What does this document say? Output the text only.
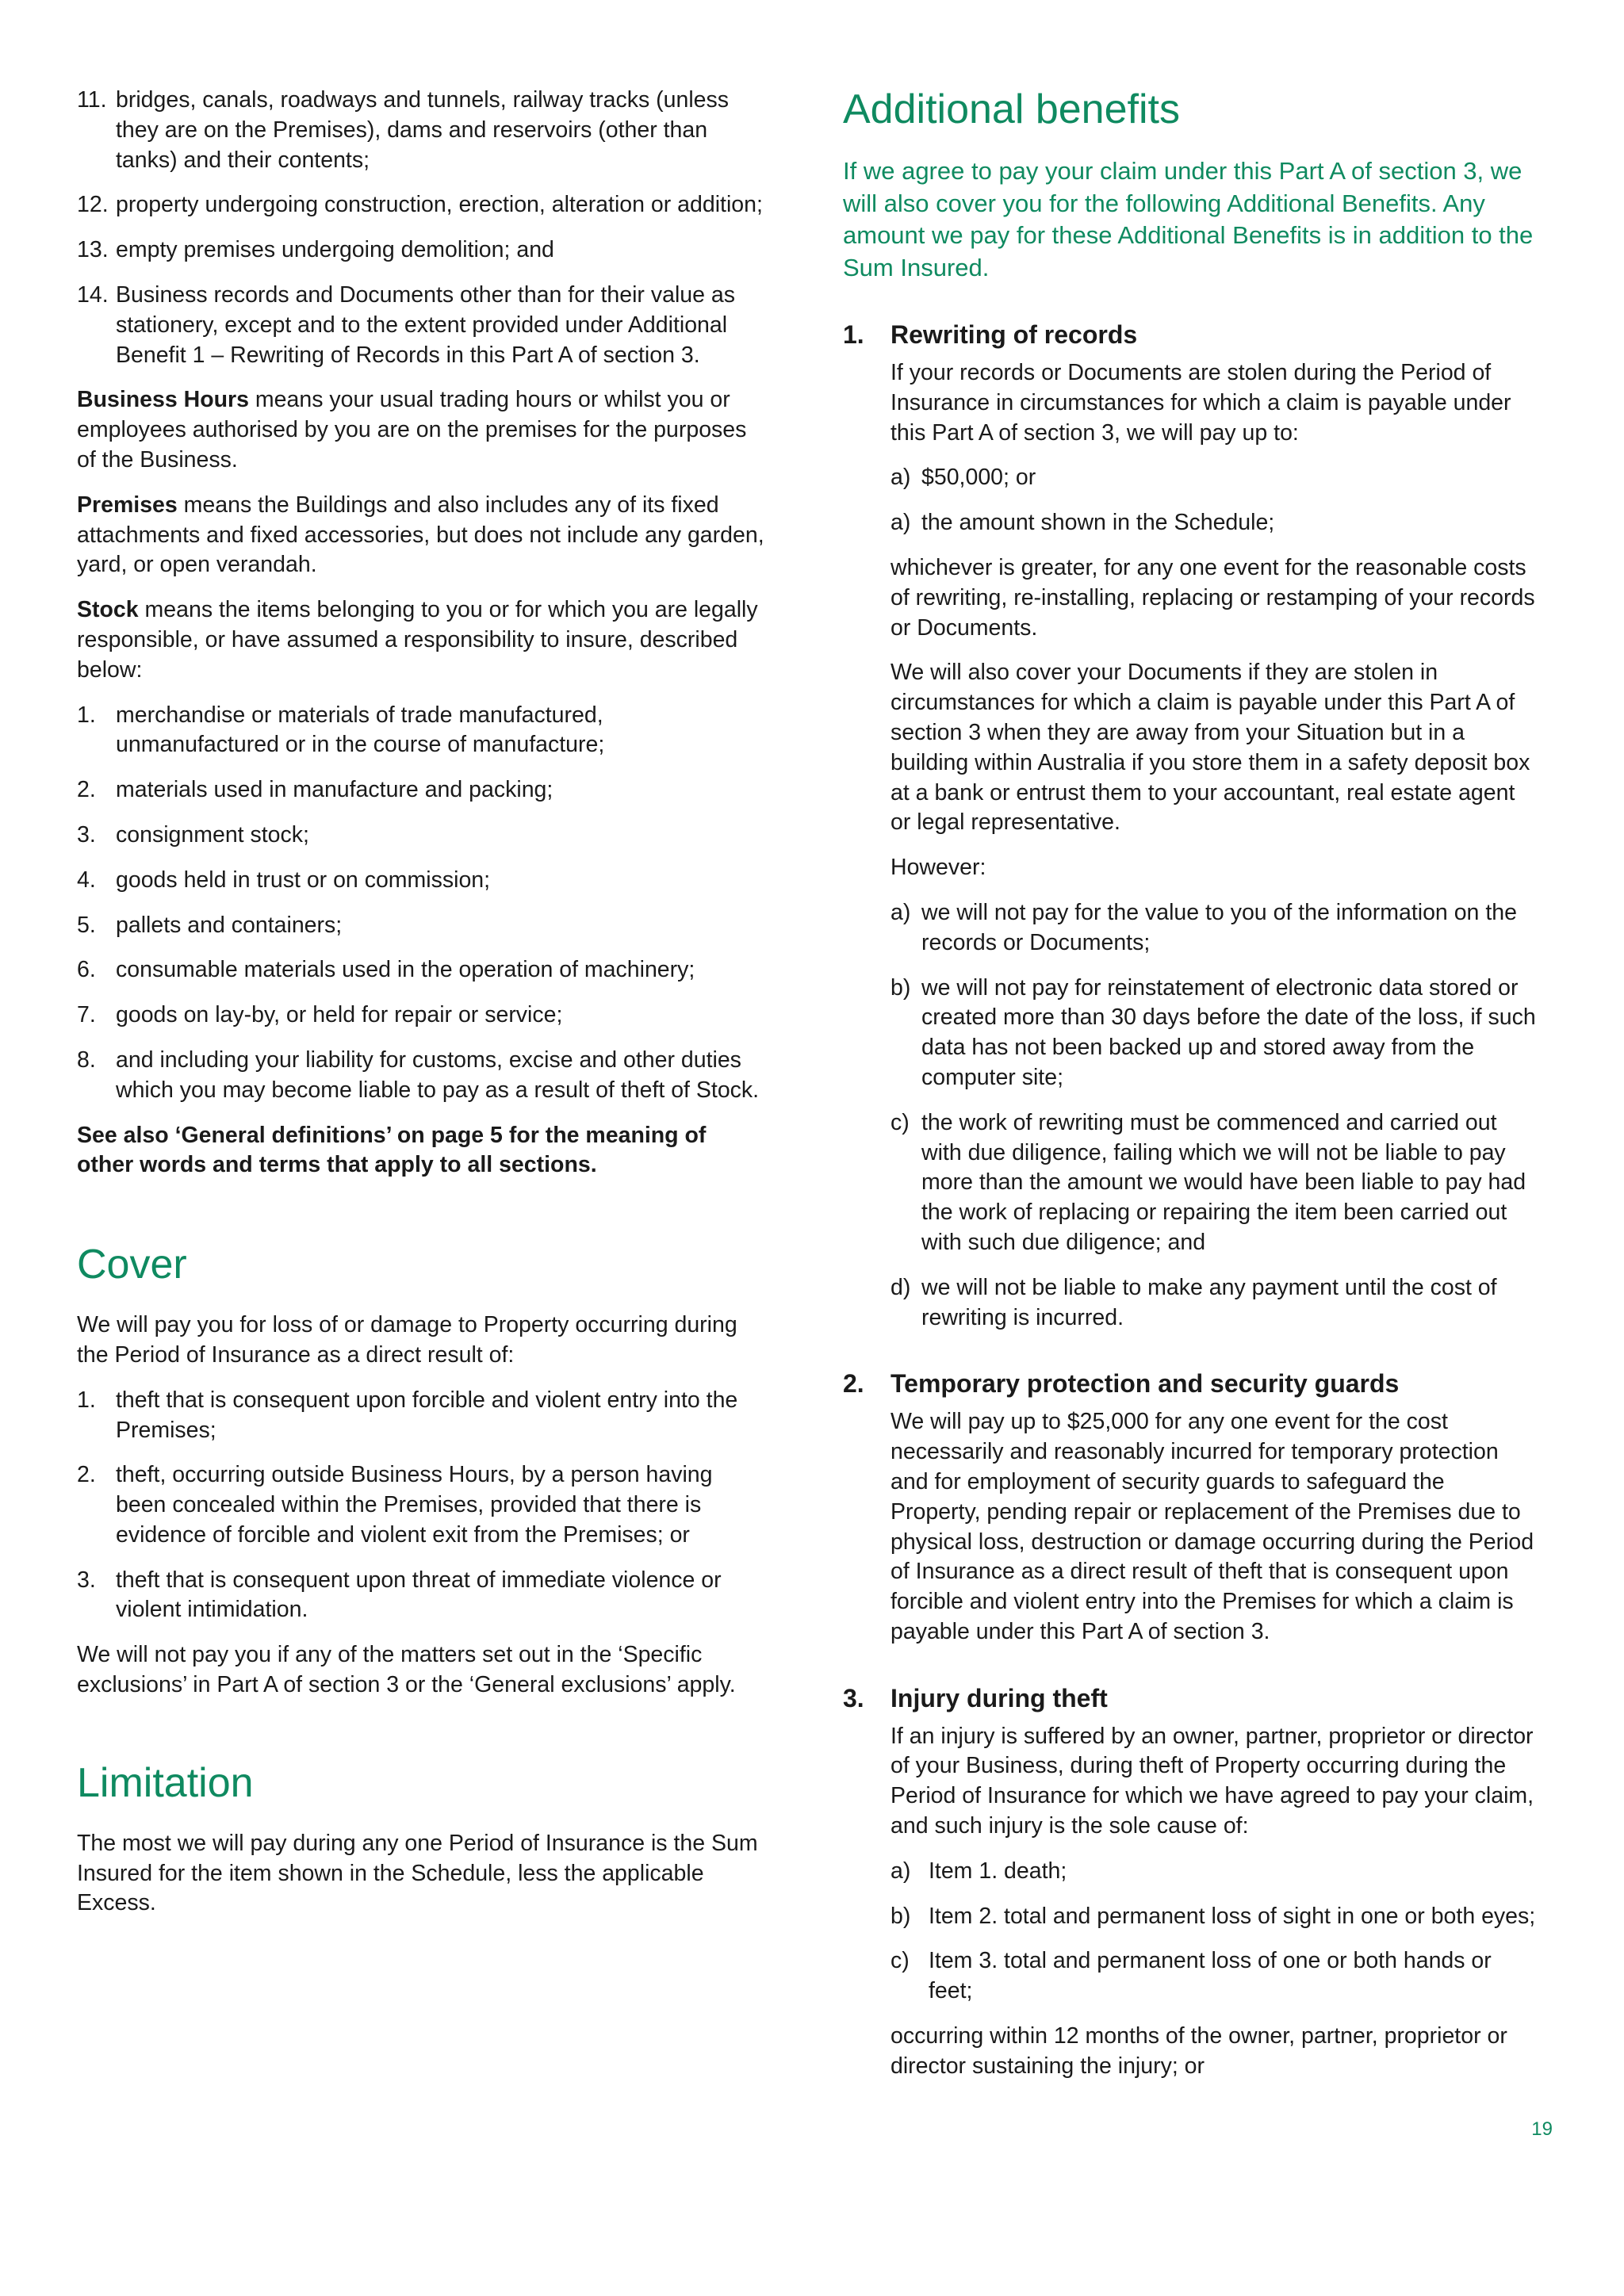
11. bridges, canals, roadways and tunnels, railway tracks (unless they are on the Premises), dams and reservoirs (other than tanks) and their contents;
12. property undergoing construction, erection, alteration or addition;
13. empty premises undergoing demolition; and
14. Business records and Documents other than for their value as stationery, except and to the extent provided under Additional Benefit 1 – Rewriting of Records in this Part A of section 3.

Business Hours means your usual trading hours or whilst you or employees authorised by you are on the premises for the purposes of the Business.

Premises means the Buildings and also includes any of its fixed attachments and fixed accessories, but does not include any garden, yard, or open verandah.

Stock means the items belonging to you or for which you are legally responsible, or have assumed a responsibility to insure, described below:

1. merchandise or materials of trade manufactured, unmanufactured or in the course of manufacture;
2. materials used in manufacture and packing;
3. consignment stock;
4. goods held in trust or on commission;
5. pallets and containers;
6. consumable materials used in the operation of machinery;
7. goods on lay-by, or held for repair or service;
8. and including your liability for customs, excise and other duties which you may become liable to pay as a result of theft of Stock.

See also ‘General definitions’ on page 5 for the meaning of other words and terms that apply to all sections.

Cover

We will pay you for loss of or damage to Property occurring during the Period of Insurance as a direct result of:

1. theft that is consequent upon forcible and violent entry into the Premises;
2. theft, occurring outside Business Hours, by a person having been concealed within the Premises, provided that there is evidence of forcible and violent exit from the Premises; or
3. theft that is consequent upon threat of immediate violence or violent intimidation.

We will not pay you if any of the matters set out in the ‘Specific exclusions’ in Part A of section 3 or the ‘General exclusions’ apply.

Limitation

The most we will pay during any one Period of Insurance is the Sum Insured for the item shown in the Schedule, less the applicable Excess.

Additional benefits

If we agree to pay your claim under this Part A of section 3, we will also cover you for the following Additional Benefits. Any amount we pay for these Additional Benefits is in addition to the Sum Insured.

1. Rewriting of records

If your records or Documents are stolen during the Period of Insurance in circumstances for which a claim is payable under this Part A of section 3, we will pay up to:

a) $50,000; or
a) the amount shown in the Schedule;

whichever is greater, for any one event for the reasonable costs of rewriting, re-installing, replacing or restamping of your records or Documents.

We will also cover your Documents if they are stolen in circumstances for which a claim is payable under this Part A of section 3 when they are away from your Situation but in a building within Australia if you store them in a safety deposit box at a bank or entrust them to your accountant, real estate agent or legal representative.

However:

a) we will not pay for the value to you of the information on the records or Documents;
b) we will not pay for reinstatement of electronic data stored or created more than 30 days before the date of the loss, if such data has not been backed up and stored away from the computer site;
c) the work of rewriting must be commenced and carried out with due diligence, failing which we will not be liable to pay more than the amount we would have been liable to pay had the work of replacing or repairing the item been carried out with such due diligence; and
d) we will not be liable to make any payment until the cost of rewriting is incurred.
2. Temporary protection and security guards

We will pay up to $25,000 for any one event for the cost necessarily and reasonably incurred for temporary protection and for employment of security guards to safeguard the Property, pending repair or replacement of the Premises due to physical loss, destruction or damage occurring during the Period of Insurance as a direct result of theft that is consequent upon forcible and violent entry into the Premises for which a claim is payable under this Part A of section 3.

3. Injury during theft

If an injury is suffered by an owner, partner, proprietor or director of your Business, during theft of Property occurring during the Period of Insurance for which we have agreed to pay your claim, and such injury is the sole cause of:

a) Item 1. death;
b) Item 2. total and permanent loss of sight in one or both eyes;
c) Item 3. total and permanent loss of one or both hands or feet;

occurring within 12 months of the owner, partner, proprietor or director sustaining the injury; or

19
